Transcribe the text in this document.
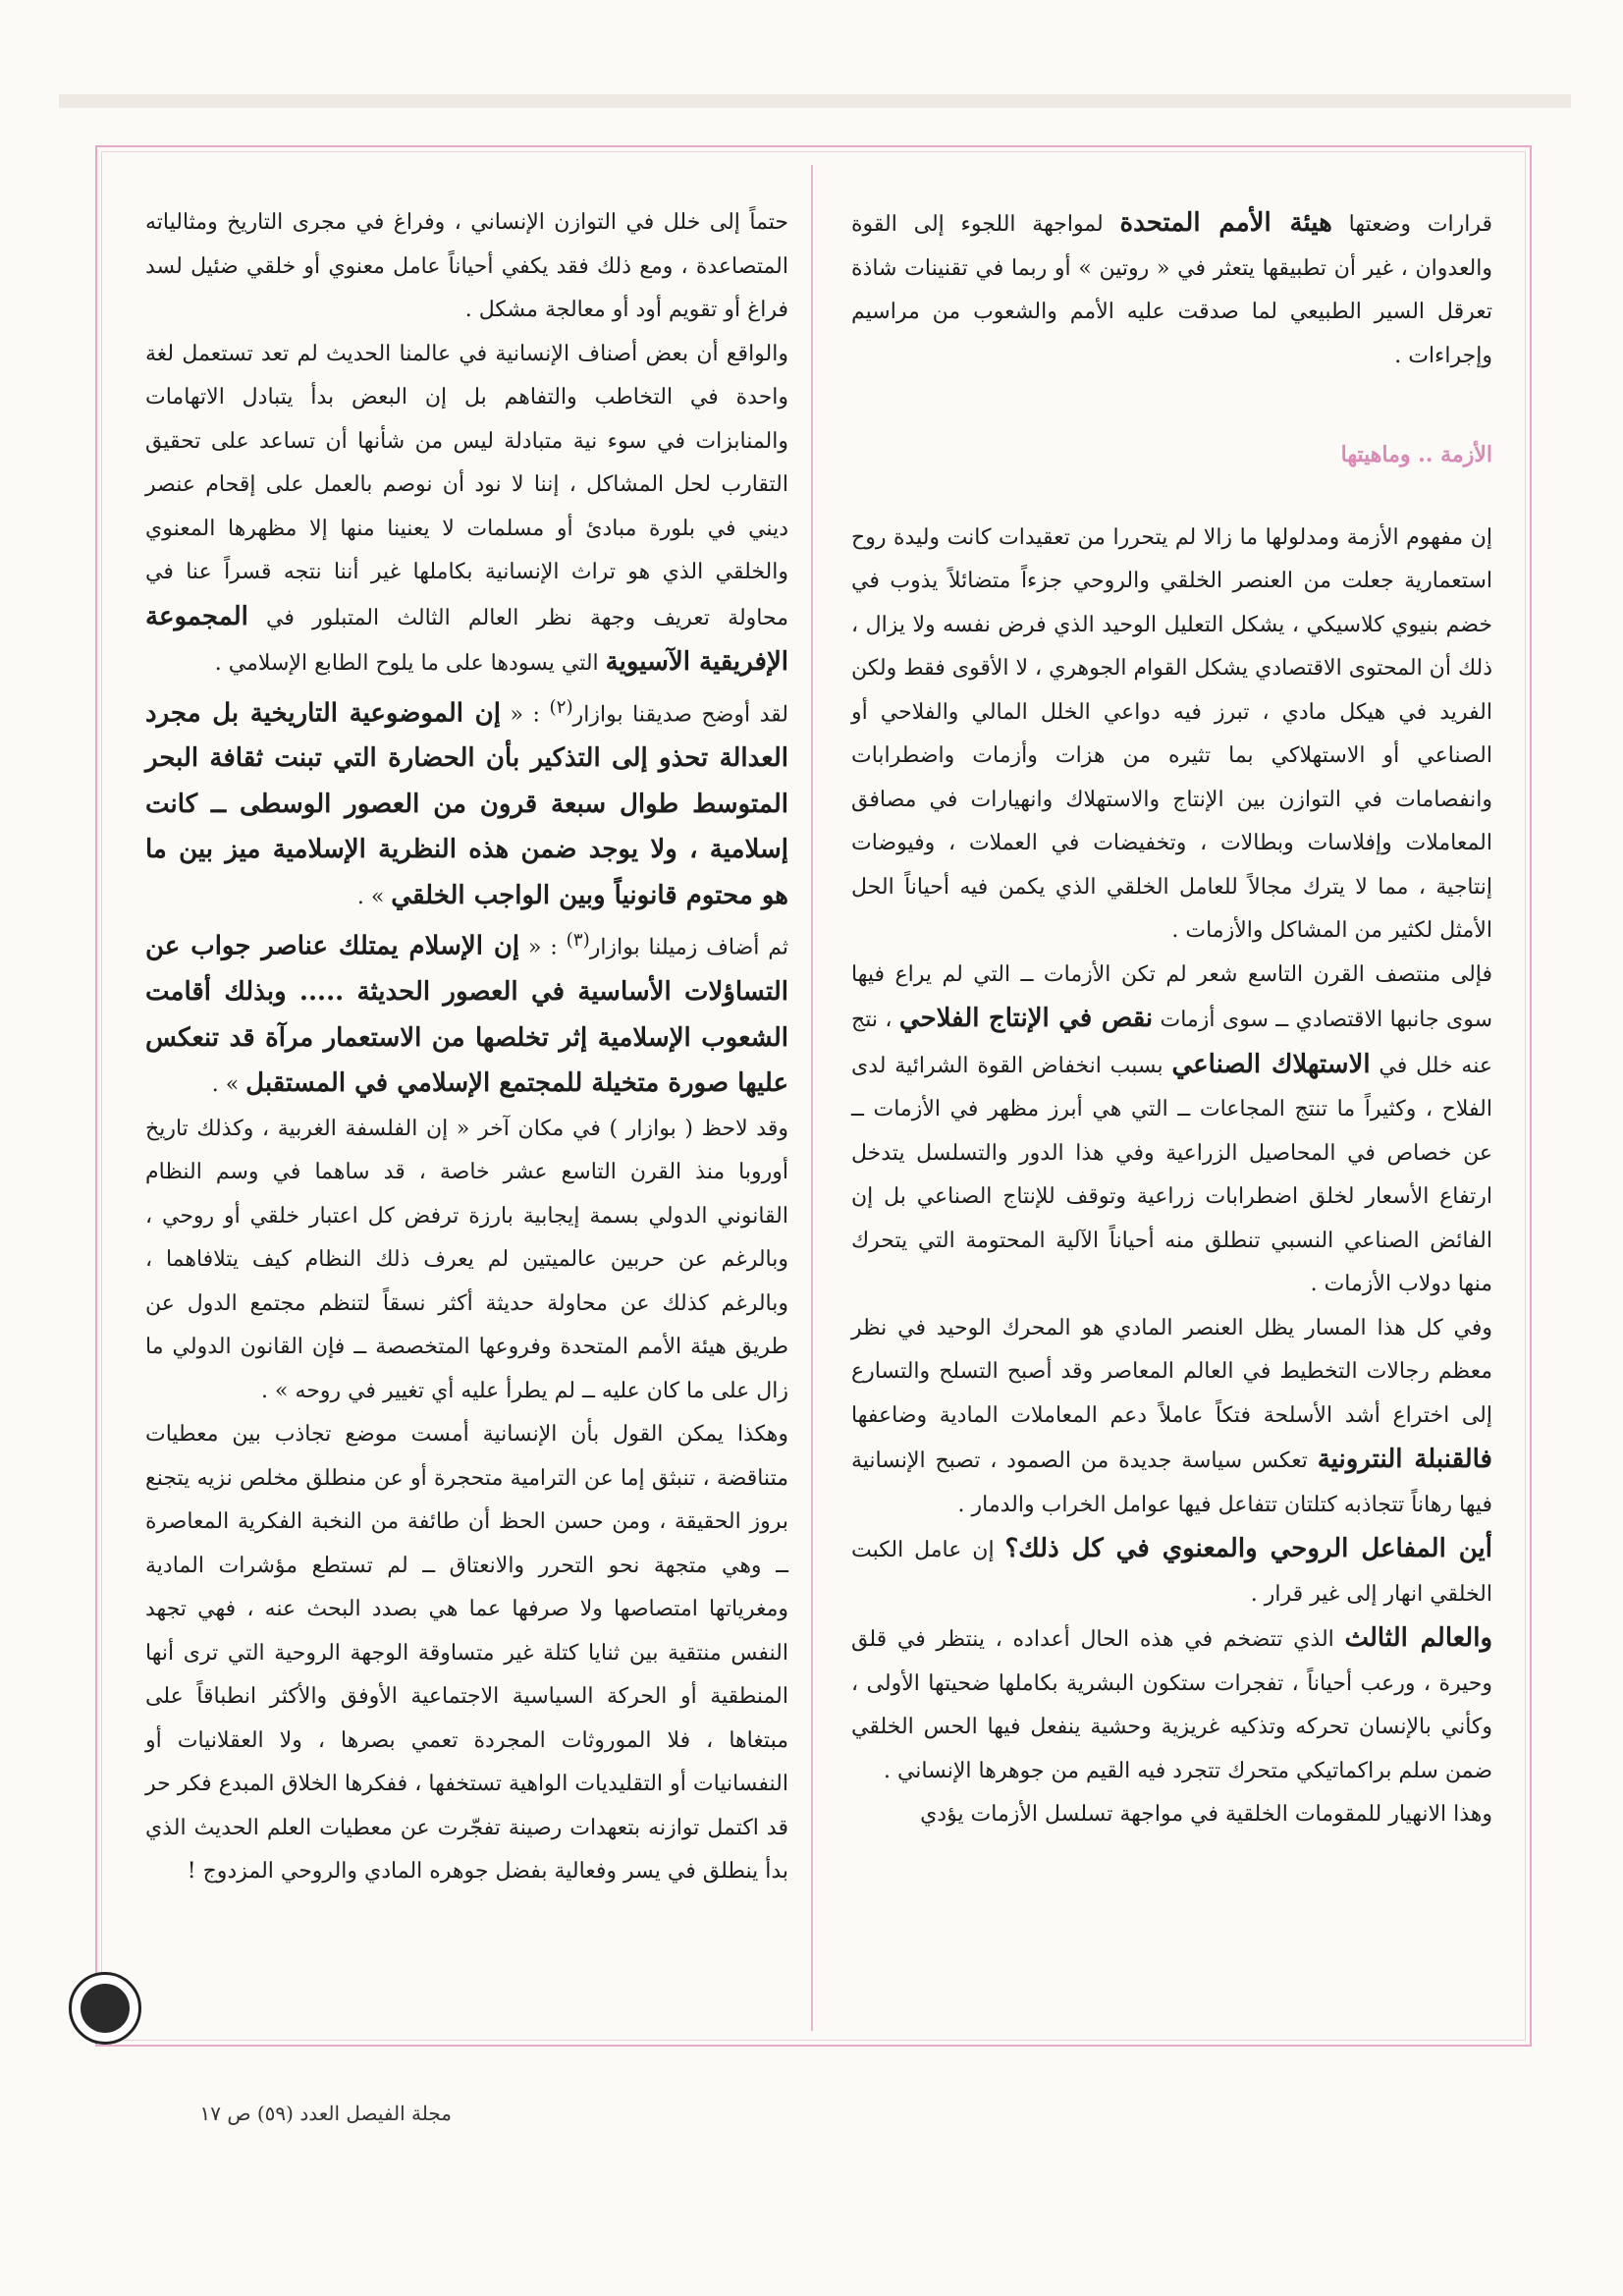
قرارات وضعتها هيئة الأمم المتحدة لمواجهة اللجوء إلى القوة والعدوان ، غير أن تطبيقها يتعثر في « روتين » أو ربما في تقنينات شاذة تعرقل السير الطبيعي لما صدقت عليه الأمم والشعوب من مراسيم وإجراءات .

الأزمة .. وماهيتها

إن مفهوم الأزمة ومدلولها ما زالا لم يتحررا من تعقيدات كانت وليدة روح استعمارية جعلت من العنصر الخلقي والروحي جزءاً متضائلاً يذوب في خضم بنيوي كلاسيكي ، يشكل التعليل الوحيد الذي فرض نفسه ولا يزال ، ذلك أن المحتوى الاقتصادي يشكل القوام الجوهري ، لا الأقوى فقط ولكن الفريد في هيكل مادي ، تبرز فيه دواعي الخلل المالي والفلاحي أو الصناعي أو الاستهلاكي بما تثيره من هزات وأزمات واضطرابات وانفصامات في التوازن بين الإنتاج والاستهلاك وانهيارات في مصافق المعاملات وإفلاسات وبطالات ، وتخفيضات في العملات ، وفيوضات إنتاجية ، مما لا يترك مجالاً للعامل الخلقي الذي يكمن فيه أحياناً الحل الأمثل لكثير من المشاكل والأزمات .

فإلى منتصف القرن التاسع شعر لم تكن الأزمات ــ التي لم يراع فيها سوى جانبها الاقتصادي ــ سوى أزمات نقص في الإنتاج الفلاحي ، نتج عنه خلل في الاستهلاك الصناعي بسبب انخفاض القوة الشرائية لدى الفلاح ، وكثيراً ما تنتج المجاعات ــ التي هي أبرز مظهر في الأزمات ــ عن خصاص في المحاصيل الزراعية وفي هذا الدور والتسلسل يتدخل ارتفاع الأسعار لخلق اضطرابات زراعية وتوقف للإنتاج الصناعي بل إن الفائض الصناعي النسبي تنطلق منه أحياناً الآلية المحتومة التي يتحرك منها دولاب الأزمات .

وفي كل هذا المسار يظل العنصر المادي هو المحرك الوحيد في نظر معظم رجالات التخطيط في العالم المعاصر وقد أصبح التسلح والتسارع إلى اختراع أشد الأسلحة فتكاً عاملاً دعم المعاملات المادية وضاعفها فالقنبلة النترونية تعكس سياسة جديدة من الصمود ، تصبح الإنسانية فيها رهاناً تتجاذبه كتلتان تتفاعل فيها عوامل الخراب والدمار .

أين المفاعل الروحي والمعنوي في كل ذلك؟ إن عامل الكبت الخلقي انهار إلى غير قرار .

والعالم الثالث الذي تتضخم في هذه الحال أعداده ، ينتظر في قلق وحيرة ، ورعب أحياناً ، تفجرات ستكون البشرية بكاملها ضحيتها الأولى ، وكأني بالإنسان تحركه وتذكيه غريزية وحشية ينفعل فيها الحس الخلقي ضمن سلم براكماتيكي متحرك تتجرد فيه القيم من جوهرها الإنساني .

وهذا الانهيار للمقومات الخلقية في مواجهة تسلسل الأزمات يؤدي

حتماً إلى خلل في التوازن الإنساني ، وفراغ في مجرى التاريخ ومثالياته المتصاعدة ، ومع ذلك فقد يكفي أحياناً عامل معنوي أو خلقي ضئيل لسد فراغ أو تقويم أود أو معالجة مشكل .

والواقع أن بعض أصناف الإنسانية في عالمنا الحديث لم تعد تستعمل لغة واحدة في التخاطب والتفاهم بل إن البعض بدأ يتبادل الاتهامات والمنابزات في سوء نية متبادلة ليس من شأنها أن تساعد على تحقيق التقارب لحل المشاكل ، إننا لا نود أن نوصم بالعمل على إقحام عنصر ديني في بلورة مبادئ أو مسلمات لا يعنينا منها إلا مظهرها المعنوي والخلقي الذي هو تراث الإنسانية بكاملها غير أننا نتجه قسراً عنا في محاولة تعريف وجهة نظر العالم الثالث المتبلور في المجموعة الإفريقية الآسيوية التي يسودها على ما يلوح الطابع الإسلامي .

لقد أوضح صديقنا بوازار$^{(٢)}$ : « إن الموضوعية التاريخية بل مجرد العدالة تحذو إلى التذكير بأن الحضارة التي تبنت ثقافة البحر المتوسط طوال سبعة قرون من العصور الوسطى ــ كانت إسلامية ، ولا يوجد ضمن هذه النظرية الإسلامية ميز بين ما هو محتوم قانونياً وبين الواجب الخلقي » .

ثم أضاف زميلنا بوازار$^{(٣)}$ : « إن الإسلام يمتلك عناصر جواب عن التساؤلات الأساسية في العصور الحديثة ..... وبذلك أقامت الشعوب الإسلامية إثر تخلصها من الاستعمار مرآة قد تنعكس عليها صورة متخيلة للمجتمع الإسلامي في المستقبل » .

وقد لاحظ ( بوازار ) في مكان آخر « إن الفلسفة الغربية ، وكذلك تاريخ أوروبا منذ القرن التاسع عشر خاصة ، قد ساهما في وسم النظام القانوني الدولي بسمة إيجابية بارزة ترفض كل اعتبار خلقي أو روحي ، وبالرغم عن حربين عالميتين لم يعرف ذلك النظام كيف يتلافاهما ، وبالرغم كذلك عن محاولة حديثة أكثر نسقاً لتنظم مجتمع الدول عن طريق هيئة الأمم المتحدة وفروعها المتخصصة ــ فإن القانون الدولي ما زال على ما كان عليه ــ لم يطرأ عليه أي تغيير في روحه » .

وهكذا يمكن القول بأن الإنسانية أمست موضع تجاذب بين معطيات متناقضة ، تنبثق إما عن الترامية متحجرة أو عن منطلق مخلص نزيه يتجنع بروز الحقيقة ، ومن حسن الحظ أن طائفة من النخبة الفكرية المعاصرة ــ وهي متجهة نحو التحرر والانعتاق ــ لم تستطع مؤشرات المادية ومغرياتها امتصاصها ولا صرفها عما هي بصدد البحث عنه ، فهي تجهد النفس منتقية بين ثنايا كتلة غير متساوقة الوجهة الروحية التي ترى أنها المنطقية أو الحركة السياسية الاجتماعية الأوفق والأكثر انطباقاً على مبتغاها ، فلا الموروثات المجردة تعمي بصرها ، ولا العقلانيات أو النفسانيات أو التقليديات الواهية تستخفها ، ففكرها الخلاق المبدع فكر حر قد اكتمل توازنه بتعهدات رصينة تفجّرت عن معطيات العلم الحديث الذي بدأ ينطلق في يسر وفعالية بفضل جوهره المادي والروحي المزدوج !

مجلة الفيصل العدد (٥٩) ص ١٧
